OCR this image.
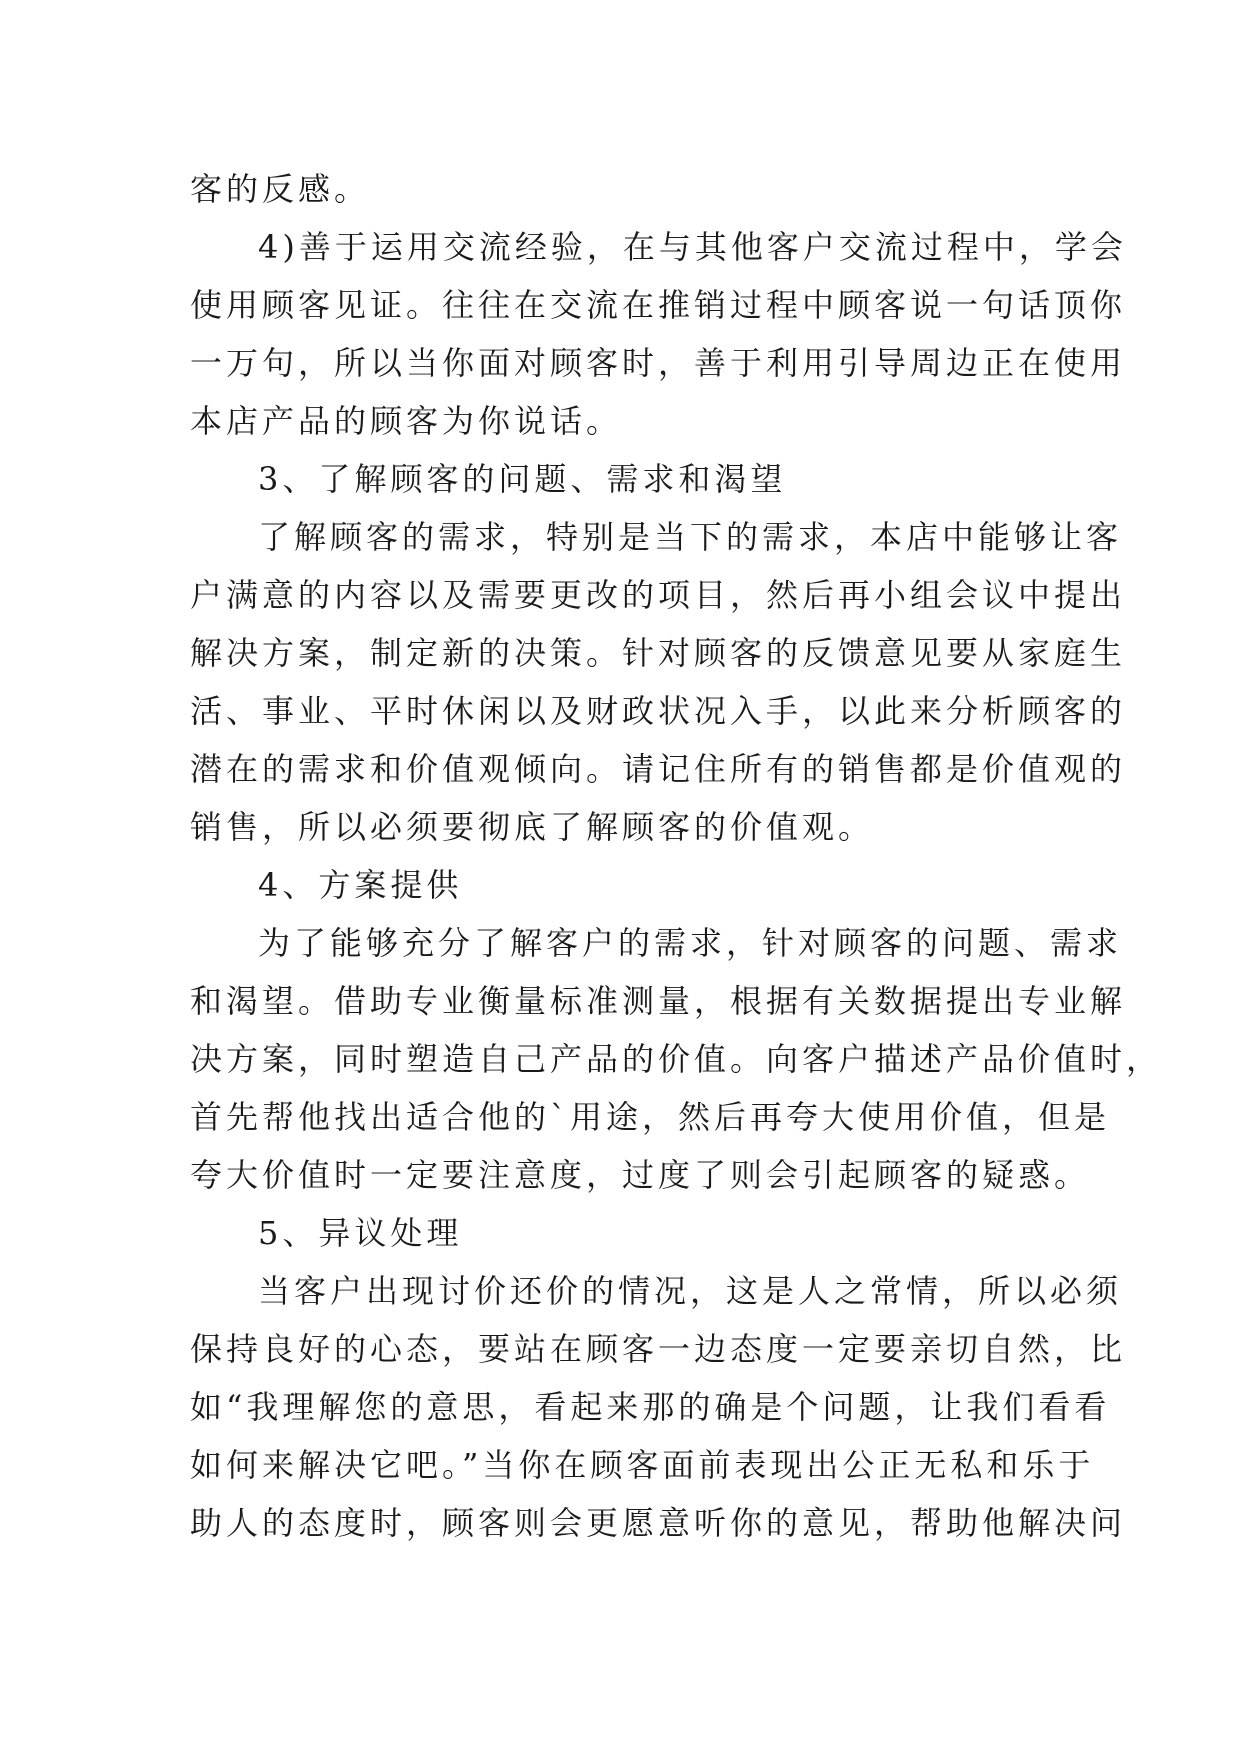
客的反感。
4)善于运用交流经验，在与其他客户交流过程中，学会
使用顾客见证。往往在交流在推销过程中顾客说一句话顶你
一万句，所以当你面对顾客时，善于利用引导周边正在使用
本店产品的顾客为你说话。
3、了解顾客的问题、需求和渴望
了解顾客的需求，特别是当下的需求，本店中能够让客
户满意的内容以及需要更改的项目，然后再小组会议中提出
解决方案，制定新的决策。针对顾客的反馈意见要从家庭生
活、事业、平时休闲以及财政状况入手，以此来分析顾客的
潜在的需求和价值观倾向。请记住所有的销售都是价值观的
销售，所以必须要彻底了解顾客的价值观。
4、方案提供
为了能够充分了解客户的需求，针对顾客的问题、需求
和渴望。借助专业衡量标准测量，根据有关数据提出专业解
决方案，同时塑造自己产品的价值。向客户描述产品价值时，
首先帮他找出适合他的`用途，然后再夸大使用价值，但是
夸大价值时一定要注意度，过度了则会引起顾客的疑惑。
5、异议处理
当客户出现讨价还价的情况，这是人之常情，所以必须
保持良好的心态，要站在顾客一边态度一定要亲切自然，比
如“我理解您的意思，看起来那的确是个问题，让我们看看
如何来解决它吧。”当你在顾客面前表现出公正无私和乐于
助人的态度时，顾客则会更愿意听你的意见，帮助他解决问
